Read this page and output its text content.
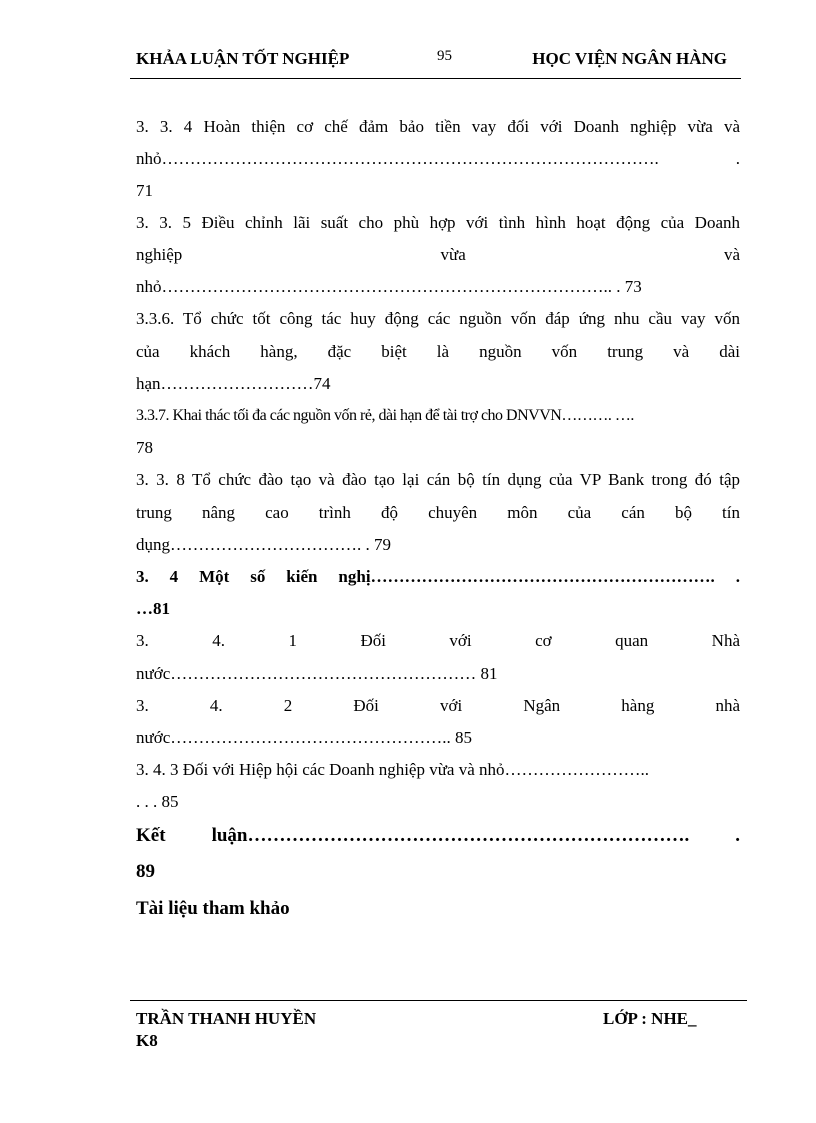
KHẢA LUẬN TỐT NGHIỆP	95	HỌC VIỆN NGÂN HÀNG
3. 3. 4 Hoàn thiện cơ chế đảm bảo tiền vay đối với Doanh nghiệp vừa và
nhỏ……………………………………………………………………………. .
71
3. 3. 5 Điều chỉnh lãi suất cho phù hợp với tình hình hoạt động của Doanh
nghiệp	vừa	và
nhỏ…………………………………………………………………….. . 73
3.3.6. Tổ chức tốt công tác huy động các nguồn vốn đáp ứng nhu cầu vay vốn
của khách hàng, đặc biệt là nguồn vốn trung và dài
hạn………………………74
3.3.7. Khai thác tối đa các nguồn vốn rẻ, dài hạn để tài trợ cho DNVVN………. ….
78
3. 3. 8 Tổ chức đào tạo và đào tạo lại cán bộ tín dụng của VP Bank trong đó tập
trung nâng cao trình độ chuyên môn của cán bộ tín
dụng……………………………. . 79
3. 4 Một số kiến nghị……………………………………………………. .
…81
3. 4. 1 Đối với cơ quan Nhà
nước……………………………………………… 81
3. 4. 2 Đối với Ngân hàng nhà
nước………………………………………….. 85
3. 4. 3 Đối với Hiệp hội các Doanh nghiệp vừa và nhỏ……………………..
. . . 85
Kết luận……………………………………………………………. .
89
Tài liệu tham khảo
TRẦN THANH HUYỀN	LỚP : NHE_
K8
